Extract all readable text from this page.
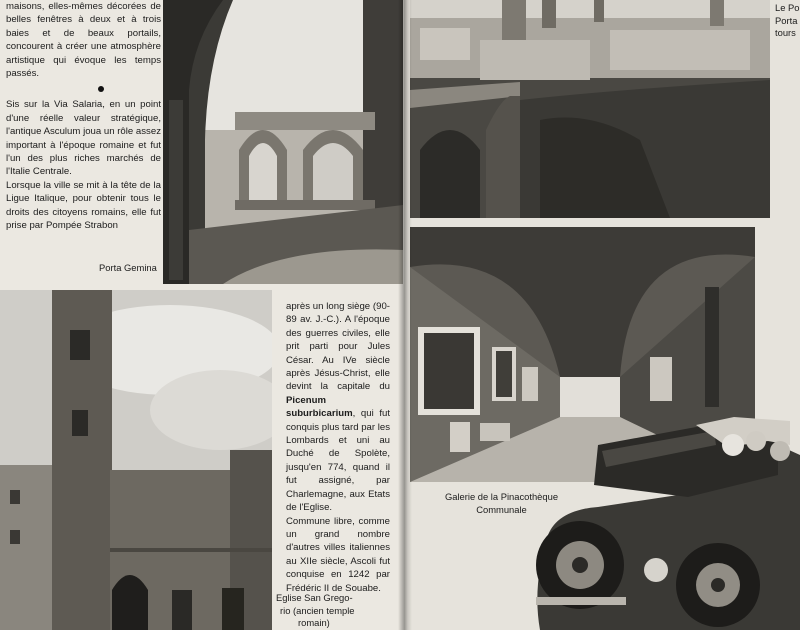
maisons, elles-mêmes décorées de belles fenêtres à deux et à trois baies et de beaux portails, concourent à créer une atmosphère artistique qui évoque les temps passés.

Sis sur la Via Salaria, en un point d'une réelle valeur stratégique, l'antique Asculum joua un rôle assez important à l'époque romaine et fut l'un des plus riches marchés de l'Italie Centrale.

Lorsque la ville se mit à la tête de la Ligue Italique, pour obtenir tous le droits des citoyens romains, elle fut prise par Pompée Strabon

Porta Gemina
Eglise San Grego-
rio (ancien temple
romain)

après un long siège (90-89 av. J.-C.). A l'époque des guerres civiles, elle prit parti pour Jules César. Au IVe siècle après Jésus-Christ, elle devint la capitale du Picenum suburbicarium, qui fut conquis plus tard par les Lombards et uni au Duché de Spolète, jusqu'en 774, quand il fut assigné, par Charlemagne, aux Etats de l'Eglise.

Commune libre, comme un grand nombre d'autres villes italiennes au XIIe siècle, Ascoli fut conquise en 1242 par Frédéric II de Souabe.

Le Po
Porta
tours
Galerie de la Pinacothèque
Communale
